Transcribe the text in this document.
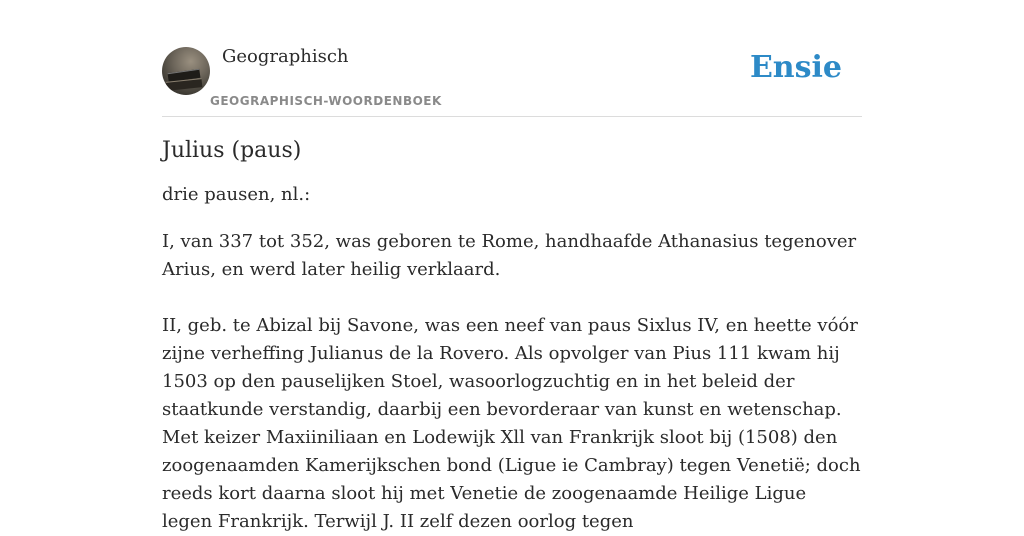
Geographisch
GEOGRAPHISCH-WOORDENBOEK
Ensie
Julius (paus)

drie pausen, nl.:

I, van 337 tot 352, was geboren te Rome, handhaafde Athanasius tegenover Arius, en werd later heilig verklaard.

II, geb. te Abizal bij Savone, was een neef van paus Sixlus IV, en heette vóór zijne verheffing Julianus de la Rovero. Als opvolger van Pius 111 kwam hij 1503 op den pauselijken Stoel, wasoorlogzuchtig en in het beleid der staatkunde verstandig, daarbij een bevorderaar van kunst en wetenschap. Met keizer Maxiiniliaan en Lodewijk Xll van Frankrijk sloot bij (1508) den zoogenaamden Kamerijkschen bond (Ligue ie Cambray) tegen Venetië; doch reeds kort daarna sloot hij met Venetie de zoogenaamde Heilige Ligue legen Frankrijk. Terwijl J. II zelf dezen oorlog tegen
